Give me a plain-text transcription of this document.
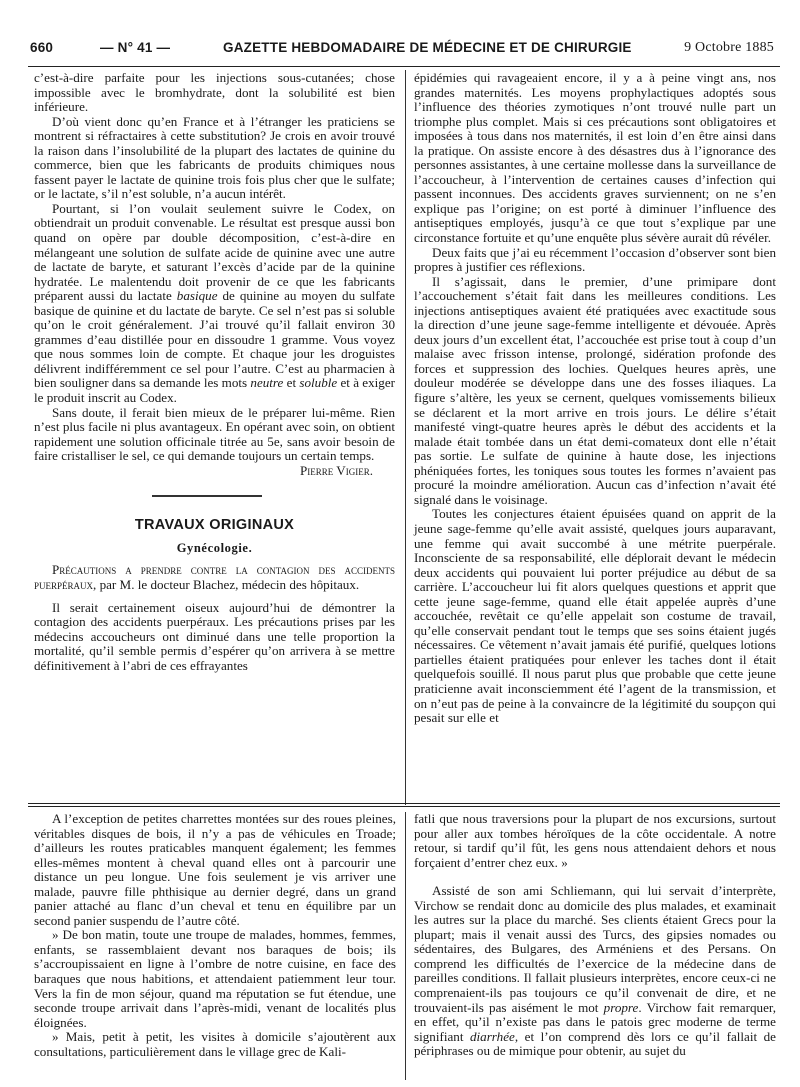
660	— N° 41 —	GAZETTE HEBDOMADAIRE DE MÉDECINE ET DE CHIRURGIE	9 Octobre 1885

c’est-à-dire parfaite pour les injections sous-cutanées; chose impossible avec le bromhydrate, dont la solubilité est bien inférieure.

D’où vient donc qu’en France et à l’étranger les praticiens se montrent si réfractaires à cette substitution? Je crois en avoir trouvé la raison dans l’insolubilité de la plupart des lactates de quinine du commerce, bien que les fabricants de produits chimiques nous fassent payer le lactate de quinine trois fois plus cher que le sulfate; or le lactate, s’il n’est soluble, n’a aucun intérêt.

Pourtant, si l’on voulait seulement suivre le Codex, on obtiendrait un produit convenable. Le résultat est presque aussi bon quand on opère par double décomposition, c’est-à-dire en mélangeant une solution de sulfate acide de quinine avec une autre de lactate de baryte, et saturant l’excès d’acide par de la quinine hydratée. Le malentendu doit provenir de ce que les fabricants préparent aussi du lactate basique de quinine au moyen du sulfate basique de quinine et du lactate de baryte. Ce sel n’est pas si soluble qu’on le croit généralement. J’ai trouvé qu’il fallait environ 30 grammes d’eau distillée pour en dissoudre 1 gramme. Vous voyez que nous sommes loin de compte. Et chaque jour les droguistes délivrent indifféremment ce sel pour l’autre. C’est au pharmacien à bien souligner dans sa demande les mots neutre et soluble et à exiger le produit inscrit au Codex.

Sans doute, il ferait bien mieux de le préparer lui-même. Rien n’est plus facile ni plus avantageux. En opérant avec soin, on obtient rapidement une solution officinale titrée au 5e, sans avoir besoin de faire cristalliser le sel, ce qui demande toujours un certain temps.

Pierre Vigier.

TRAVAUX ORIGINAUX
Gynécologie.

Précautions a prendre contre la contagion des accidents puerpéraux, par M. le docteur Blachez, médecin des hôpitaux.

Il serait certainement oiseux aujourd’hui de démontrer la contagion des accidents puerpéraux. Les précautions prises par les médecins accoucheurs ont diminué dans une telle proportion la mortalité, qu’il semble permis d’espérer qu’on arrivera à se mettre définitivement à l’abri de ces effrayantes

épidémies qui ravageaient encore, il y a à peine vingt ans, nos grandes maternités. Les moyens prophylactiques adoptés sous l’influence des théories zymotiques n’ont trouvé nulle part un triomphe plus complet. Mais si ces précautions sont obligatoires et imposées à tous dans nos maternités, il est loin d’en être ainsi dans la pratique. On assiste encore à des désastres dus à l’ignorance des personnes assistantes, à une certaine mollesse dans la surveillance de l’accoucheur, à l’intervention de certaines causes d’infection qui passent inconnues. Des accidents graves surviennent; on ne s’en explique pas l’origine; on est porté à diminuer l’influence des antiseptiques employés, jusqu’à ce que tout s’explique par une circonstance fortuite et qu’une enquête plus sévère aurait dû révéler.

Deux faits que j’ai eu récemment l’occasion d’observer sont bien propres à justifier ces réflexions.

Il s’agissait, dans le premier, d’une primipare dont l’accouchement s’était fait dans les meilleures conditions. Les injections antiseptiques avaient été pratiquées avec exactitude sous la direction d’une jeune sage-femme intelligente et dévouée. Après deux jours d’un excellent état, l’accouchée est prise tout à coup d’un malaise avec frisson intense, prolongé, sidération profonde des forces et suppression des lochies. Quelques heures après, une douleur modérée se développe dans une des fosses iliaques. La figure s’altère, les yeux se cernent, quelques vomissements bilieux se déclarent et la mort arrive en trois jours. Le délire s’était manifesté vingt-quatre heures après le début des accidents et la malade était tombée dans un état demi-comateux dont elle n’était pas sortie. Le sulfate de quinine à haute dose, les injections phéniquées fortes, les toniques sous toutes les formes n’avaient pas procuré la moindre amélioration. Aucun cas d’infection n’avait été signalé dans le voisinage.

Toutes les conjectures étaient épuisées quand on apprit de la jeune sage-femme qu’elle avait assisté, quelques jours auparavant, une femme qui avait succombé à une métrite puerpérale. Inconsciente de sa responsabilité, elle déplorait devant le médecin deux accidents qui pouvaient lui porter préjudice au début de sa carrière. L’accoucheur lui fit alors quelques questions et apprit que cette jeune sage-femme, quand elle était appelée auprès d’une accouchée, revêtait ce qu’elle appelait son costume de travail, qu’elle conservait pendant tout le temps que ses soins étaient jugés nécessaires. Ce vêtement n’avait jamais été purifié, quelques lotions partielles étaient pratiquées pour enlever les taches dont il était quelquefois souillé. Il nous parut plus que probable que cette jeune praticienne avait inconsciemment été l’agent de la transmission, et on n’eut pas de peine à la convaincre de la légitimité du soupçon qui pesait sur elle et

A l’exception de petites charrettes montées sur des roues pleines, véritables disques de bois, il n’y a pas de véhicules en Troade; d’ailleurs les routes praticables manquent également; les femmes elles-mêmes montent à cheval quand elles ont à parcourir une distance un peu longue. Une fois seulement je vis arriver une malade, pauvre fille phthisique au dernier degré, dans un grand panier attaché au flanc d’un cheval et tenu en équilibre par un second panier suspendu de l’autre côté.

» De bon matin, toute une troupe de malades, hommes, femmes, enfants, se rassemblaient devant nos baraques de bois; ils s’accroupissaient en ligne à l’ombre de notre cuisine, en face des baraques que nous habitions, et attendaient patiemment leur tour. Vers la fin de mon séjour, quand ma réputation se fut étendue, une seconde troupe arrivait dans l’après-midi, venant de localités plus éloignées.

» Mais, petit à petit, les visites à domicile s’ajoutèrent aux consultations, particulièrement dans le village grec de Kali-

fatli que nous traversions pour la plupart de nos excursions, surtout pour aller aux tombes héroïques de la côte occidentale. A notre retour, si tardif qu’il fût, les gens nous attendaient dehors et nous forçaient d’entrer chez eux. »

Assisté de son ami Schliemann, qui lui servait d’interprète, Virchow se rendait donc au domicile des plus malades, et examinait les autres sur la place du marché. Ses clients étaient Grecs pour la plupart; mais il venait aussi des Turcs, des gipsies nomades ou sédentaires, des Bulgares, des Arméniens et des Persans. On comprend les difficultés de l’exercice de la médecine dans de pareilles conditions. Il fallait plusieurs interprètes, encore ceux-ci ne comprenaient-ils pas toujours ce qu’il convenait de dire, et ne trouvaient-ils pas aisément le mot propre. Virchow fait remarquer, en effet, qu’il n’existe pas dans le patois grec moderne de terme signifiant diarrhée, et l’on comprend dès lors ce qu’il fallait de périphrases ou de mimique pour obtenir, au sujet du
